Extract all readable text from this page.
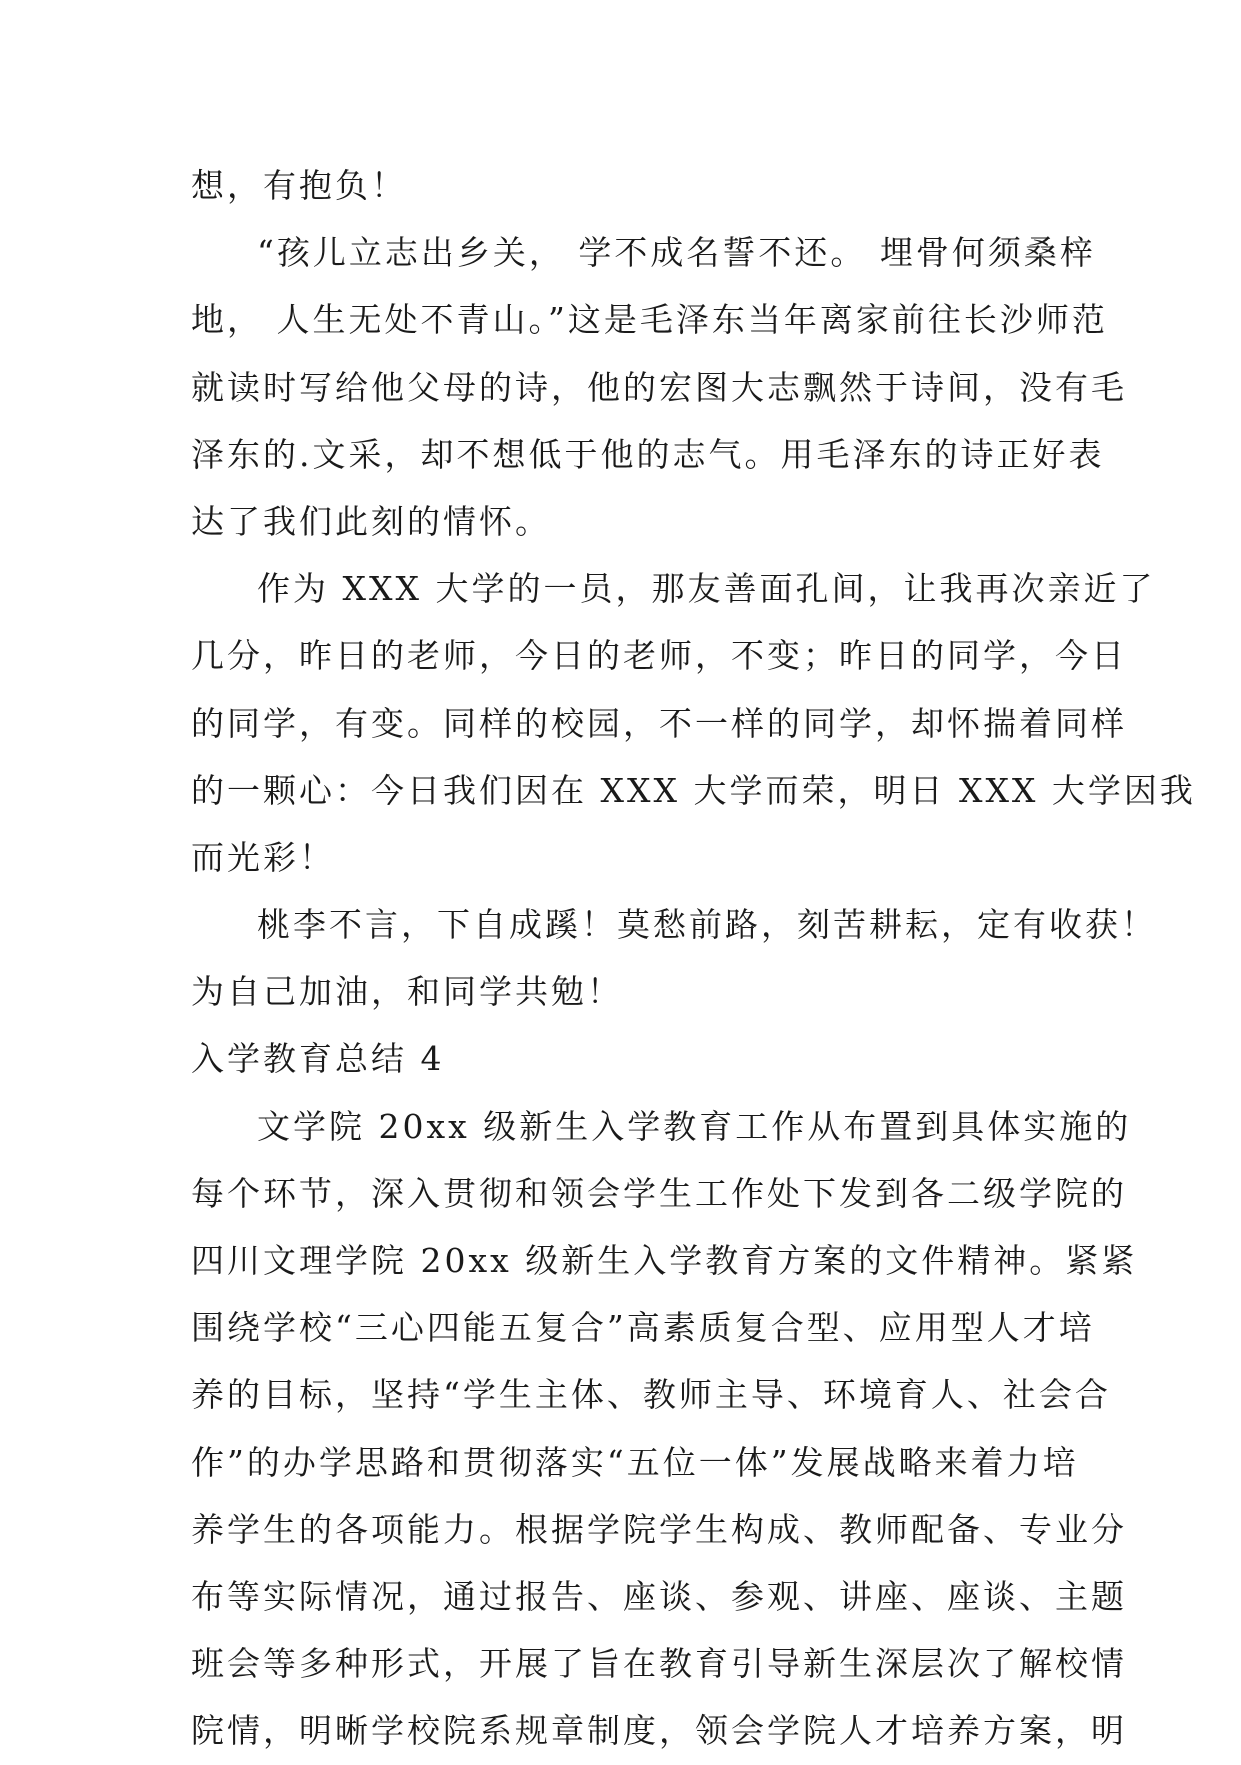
想，有抱负！
“孩儿立志出乡关， 学不成名誓不还。 埋骨何须桑梓
地， 人生无处不青山。”这是毛泽东当年离家前往长沙师范
就读时写给他父母的诗，他的宏图大志飘然于诗间，没有毛
泽东的.文采，却不想低于他的志气。用毛泽东的诗正好表
达了我们此刻的情怀。
作为 XXX 大学的一员，那友善面孔间，让我再次亲近了
几分，昨日的老师，今日的老师，不变；昨日的同学，今日
的同学，有变。同样的校园，不一样的同学，却怀揣着同样
的一颗心：今日我们因在 XXX 大学而荣，明日 XXX 大学因我
而光彩！
桃李不言，下自成蹊！莫愁前路，刻苦耕耘，定有收获！
为自己加油，和同学共勉！
入学教育总结 4
文学院 20xx 级新生入学教育工作从布置到具体实施的
每个环节，深入贯彻和领会学生工作处下发到各二级学院的
四川文理学院 20xx 级新生入学教育方案的文件精神。紧紧
围绕学校“三心四能五复合”高素质复合型、应用型人才培
养的目标，坚持“学生主体、教师主导、环境育人、社会合
作”的办学思路和贯彻落实“五位一体”发展战略来着力培
养学生的各项能力。根据学院学生构成、教师配备、专业分
布等实际情况，通过报告、座谈、参观、讲座、座谈、主题
班会等多种形式，开展了旨在教育引导新生深层次了解校情
院情，明晰学校院系规章制度，领会学院人才培养方案，明
